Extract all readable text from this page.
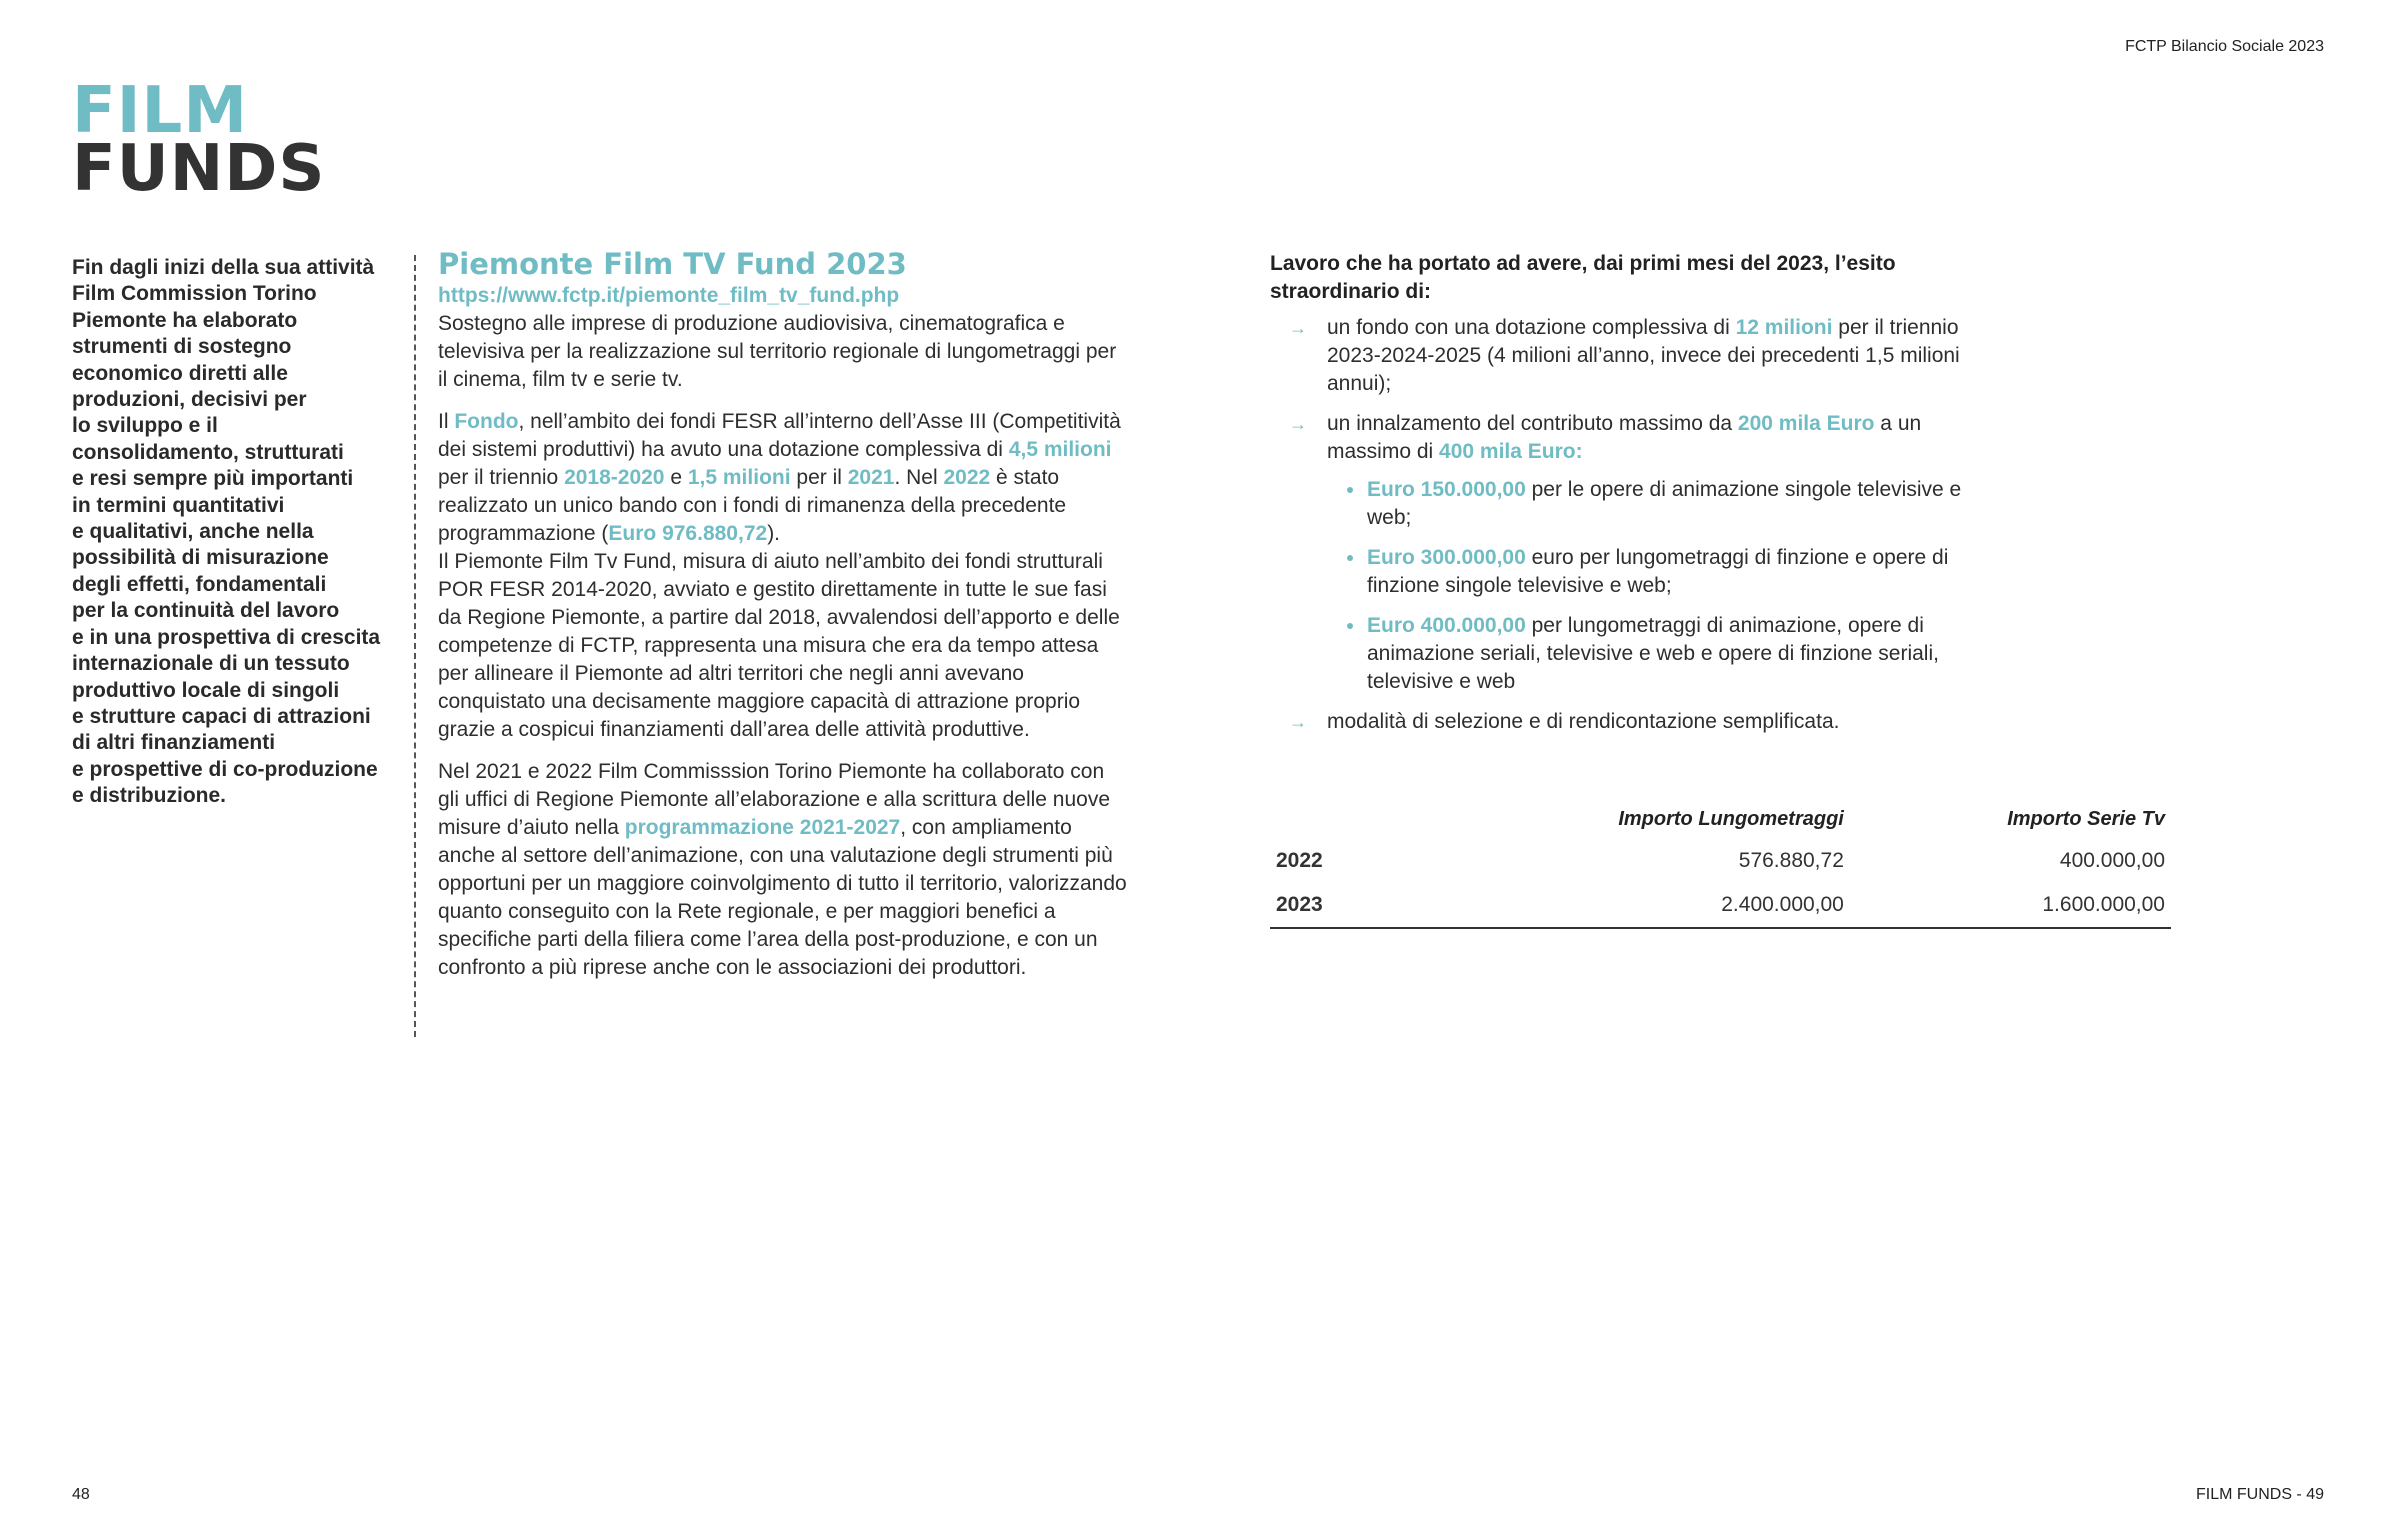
FCTP Bilancio Sociale 2023
FILM
FUNDS
Fin dagli inizi della sua attività
Film Commission Torino
Piemonte ha elaborato
strumenti di sostegno
economico diretti alle
produzioni, decisivi per
lo sviluppo e il
consolidamento, strutturati
e resi sempre più importanti
in termini quantitativi
e qualitativi, anche nella
possibilità di misurazione
degli effetti, fondamentali
per la continuità del lavoro
e in una prospettiva di crescita
internazionale di un tessuto
produttivo locale di singoli
e strutture capaci di attrazioni
di altri finanziamenti
e prospettive di co-produzione
e distribuzione.
Piemonte Film TV Fund 2023
https://www.fctp.it/piemonte_film_tv_fund.php

Sostegno alle imprese di produzione audiovisiva, cinematografica e televisiva per la realizzazione sul territorio regionale di lungometraggi per il cinema, film tv e serie tv.

Il Fondo, nell’ambito dei fondi FESR all’interno dell’Asse III (Competitività dei sistemi produttivi) ha avuto una dotazione complessiva di 4,5 milioni per il triennio 2018-2020 e 1,5 milioni per il 2021. Nel 2022 è stato realizzato un unico bando con i fondi di rimanenza della precedente programmazione (Euro 976.880,72).

Il Piemonte Film Tv Fund, misura di aiuto nell’ambito dei fondi strutturali POR FESR 2014-2020, avviato e gestito direttamente in tutte le sue fasi da Regione Piemonte, a partire dal 2018, avvalendosi dell’apporto e delle competenze di FCTP, rappresenta una misura che era da tempo attesa per allineare il Piemonte ad altri territori che negli anni avevano conquistato una decisamente maggiore capacità di attrazione proprio grazie a cospicui finanziamenti dall’area delle attività produttive.

Nel 2021 e 2022 Film Commisssion Torino Piemonte ha collaborato con gli uffici di Regione Piemonte all’elaborazione e alla scrittura delle nuove misure d’aiuto nella programmazione 2021-2027, con ampliamento anche al settore dell’animazione, con una valutazione degli strumenti più opportuni per un maggiore coinvolgimento di tutto il territorio, valorizzando quanto conseguito con la Rete regionale, e per maggiori benefici a specifiche parti della filiera come l’area della post-produzione, e con un confronto a più riprese anche con le associazioni dei produttori.

Lavoro che ha portato ad avere, dai primi mesi del 2023, l’esito straordinario di:

→ un fondo con una dotazione complessiva di 12 milioni per il triennio 2023-2024-2025 (4 milioni all’anno, invece dei precedenti 1,5 milioni annui);
→ un innalzamento del contributo massimo da 200 mila Euro a un massimo di 400 mila Euro:
Euro 150.000,00 per le opere di animazione singole televisive e web;
Euro 300.000,00 euro per lungometraggi di finzione e opere di finzione singole televisive e web;
Euro 400.000,00 per lungometraggi di animazione, opere di animazione seriali, televisive e web e opere di finzione seriali, televisive e web
→ modalità di selezione e di rendicontazione semplificata.
	Importo Lungometraggi	Importo Serie Tv
2022	576.880,72	400.000,00
2023	2.400.000,00	1.600.000,00
48	FILM FUNDS - 49
